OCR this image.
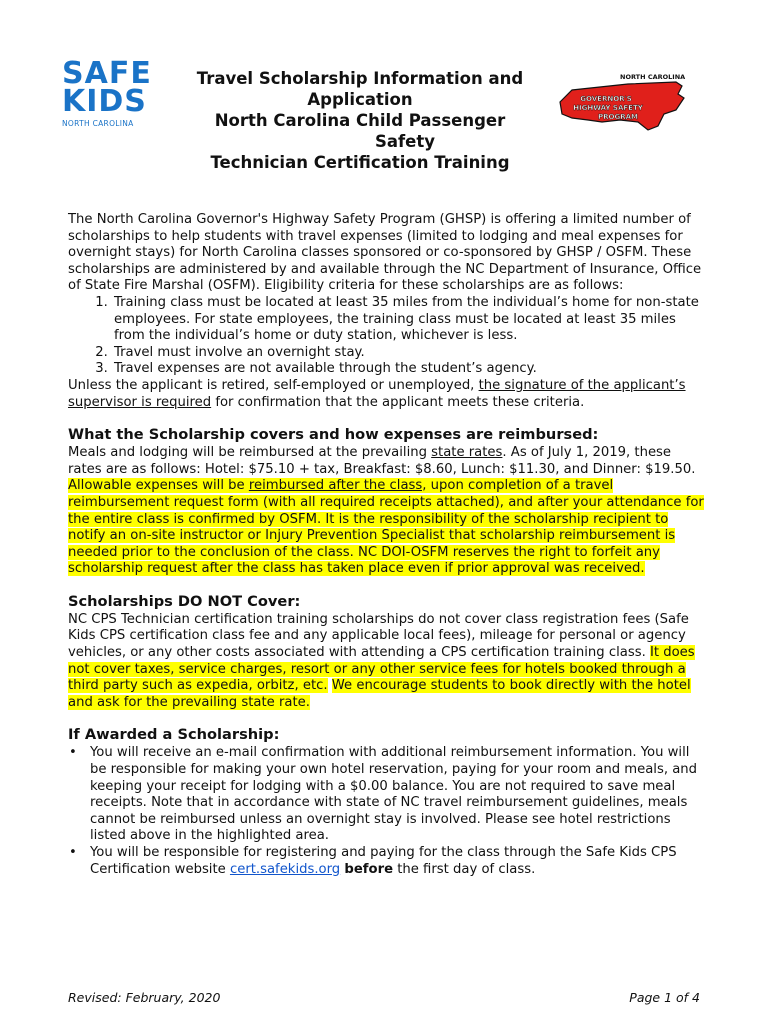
SAFE
KIDS
NORTH CAROLINA
NORTH CAROLINA
GOVERNOR'S
HIGHWAY SAFETY
PROGRAM
Travel Scholarship Information and
Application
North Carolina Child Passenger
Safety
Technician Certification Training

The North Carolina Governor's Highway Safety Program (GHSP) is offering a limited number of scholarships to help students with travel expenses (limited to lodging and meal expenses for overnight stays) for North Carolina classes sponsored or co-sponsored by GHSP / OSFM. These scholarships are administered by and available through the NC Department of Insurance, Office of State Fire Marshal (OSFM). Eligibility criteria for these scholarships are as follows:

1. Training class must be located at least 35 miles from the individual’s home for non-state employees. For state employees, the training class must be located at least 35 miles from the individual’s home or duty station, whichever is less.
2. Travel must involve an overnight stay.
3. Travel expenses are not available through the student’s agency.

Unless the applicant is retired, self-employed or unemployed, the signature of the applicant’s supervisor is required for confirmation that the applicant meets these criteria.

What the Scholarship covers and how expenses are reimbursed:

Meals and lodging will be reimbursed at the prevailing state rates. As of July 1, 2019, these rates are as follows: Hotel: $75.10 + tax, Breakfast: $8.60, Lunch: $11.30, and Dinner: $19.50.

Allowable expenses will be reimbursed after the class, upon completion of a travel reimbursement request form (with all required receipts attached), and after your attendance for the entire class is confirmed by OSFM. It is the responsibility of the scholarship recipient to notify an on-site instructor or Injury Prevention Specialist that scholarship reimbursement is needed prior to the conclusion of the class. NC DOI-OSFM reserves the right to forfeit any scholarship request after the class has taken place even if prior approval was received.

Scholarships DO NOT Cover:

NC CPS Technician certification training scholarships do not cover class registration fees (Safe Kids CPS certification class fee and any applicable local fees), mileage for personal or agency vehicles, or any other costs associated with attending a CPS certification training class. It does not cover taxes, service charges, resort or any other service fees for hotels booked through a third party such as expedia, orbitz, etc. We encourage students to book directly with the hotel and ask for the prevailing state rate.

If Awarded a Scholarship:
• You will receive an e-mail confirmation with additional reimbursement information. You will be responsible for making your own hotel reservation, paying for your room and meals, and keeping your receipt for lodging with a $0.00 balance. You are not required to save meal receipts. Note that in accordance with state of NC travel reimbursement guidelines, meals cannot be reimbursed unless an overnight stay is involved. Please see hotel restrictions listed above in the highlighted area.
• You will be responsible for registering and paying for the class through the Safe Kids CPS Certification website cert.safekids.org before the first day of class.
Revised: February, 2020	Page 1 of 4
